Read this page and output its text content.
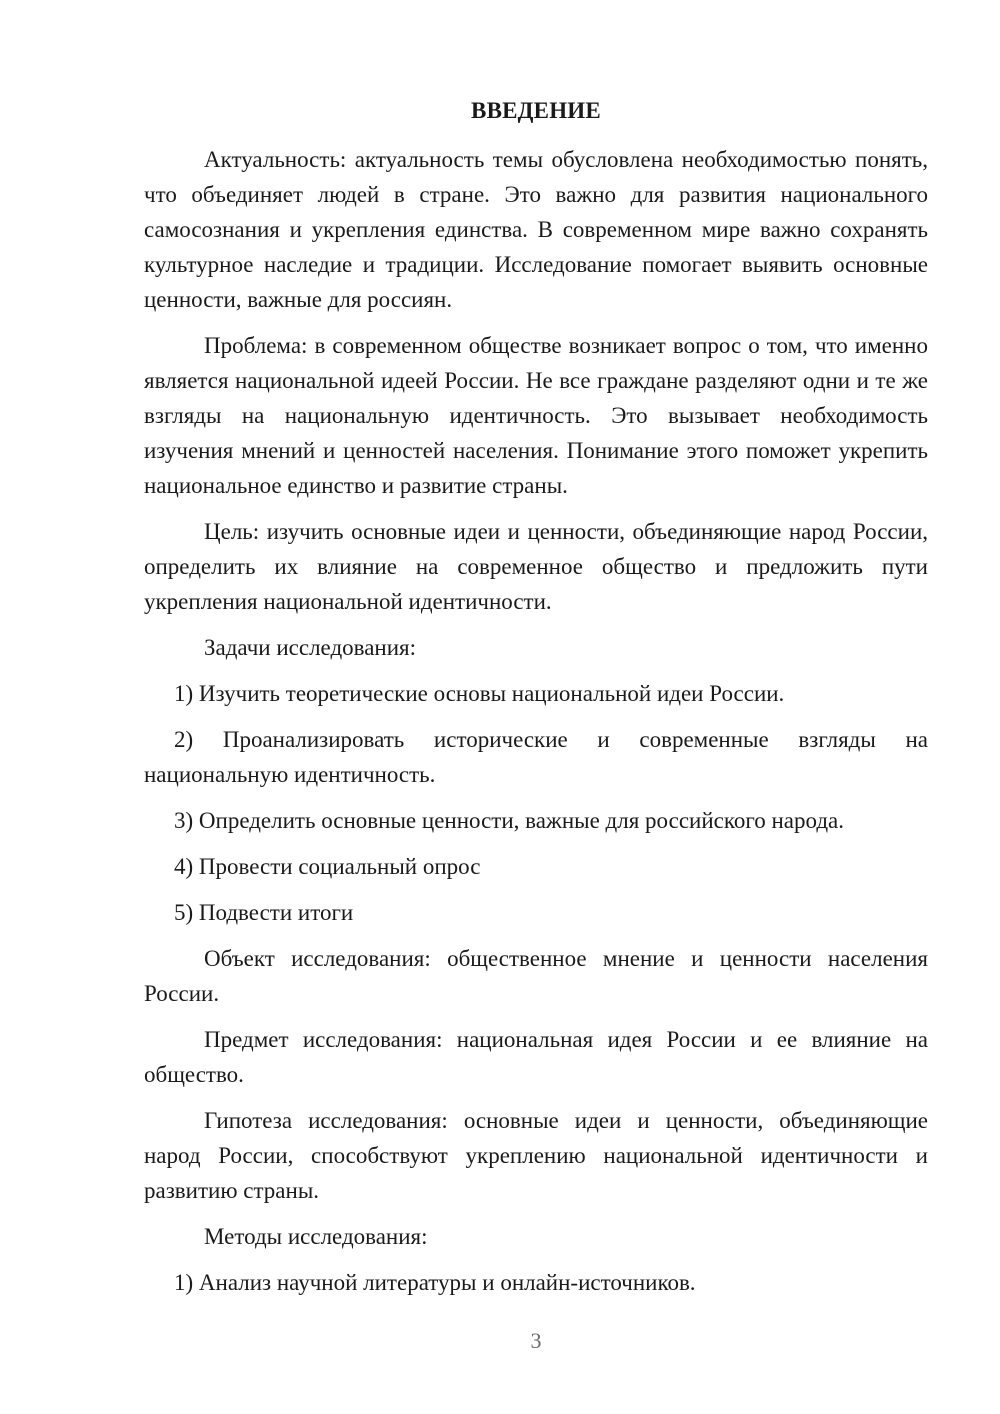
ВВЕДЕНИЕ

Актуальность: актуальность темы обусловлена необходимостью понять, что объединяет людей в стране. Это важно для развития национального самосознания и укрепления единства. В современном мире важно сохранять культурное наследие и традиции. Исследование помогает выявить основные ценности, важные для россиян.

Проблема: в современном обществе возникает вопрос о том, что именно является национальной идеей России. Не все граждане разделяют одни и те же взгляды на национальную идентичность. Это вызывает необходимость изучения мнений и ценностей населения. Понимание этого поможет укрепить национальное единство и развитие страны.

Цель: изучить основные идеи и ценности, объединяющие народ России, определить их влияние на современное общество и предложить пути укрепления национальной идентичности.

Задачи исследования:

1) Изучить теоретические основы национальной идеи России.

2) Проанализировать исторические и современные взгляды на национальную идентичность.

3) Определить основные ценности, важные для российского народа.

4) Провести социальный опрос

5) Подвести итоги

Объект исследования: общественное мнение и ценности населения России.

Предмет исследования: национальная идея России и ее влияние на общество.

Гипотеза исследования: основные идеи и ценности, объединяющие народ России, способствуют укреплению национальной идентичности и развитию страны.

Методы исследования:

1) Анализ научной литературы и онлайн-источников.

3
